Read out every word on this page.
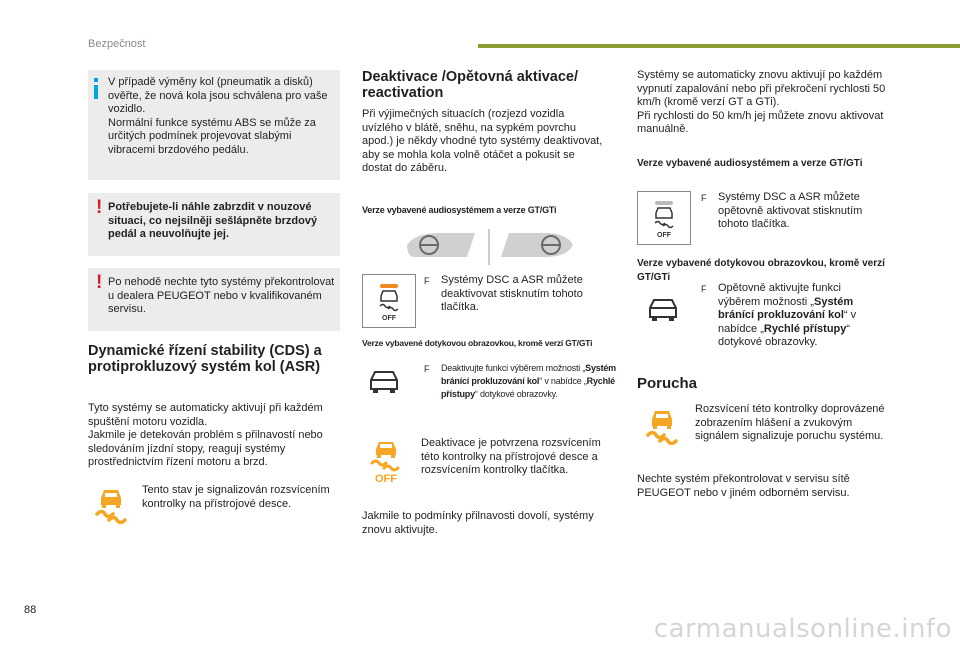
Bezpečnost
V případě výměny kol (pneumatik a disků) ověřte, že nová kola jsou schválena pro vaše vozidlo.
Normální funkce systému ABS se může za určitých podmínek projevovat slabými vibracemi brzdového pedálu.
! Potřebujete-li náhle zabrzdit v nouzové situaci, co nejsilněji sešlápněte brzdový pedál a neuvolňujte jej.
! Po nehodě nechte tyto systémy překontrolovat u dealera PEUGEOT nebo v kvalifikovaném servisu.
Dynamické řízení stability (CDS) a protiprokluzový systém kol (ASR)
Tyto systémy se automaticky aktivují při každém spuštění motoru vozidla.
Jakmile je detekován problém s přilnavostí nebo sledováním jízdní stopy, reagují systémy prostřednictvím řízení motoru a brzd.
Tento stav je signalizován rozsvícením kontrolky na přístrojové desce.
Deaktivace /Opětovná aktivace/ reactivation
Při výjimečných situacích (rozjezd vozidla uvízlého v blátě, sněhu, na sypkém povrchu apod.) je někdy vhodné tyto systémy deaktivovat, aby se mohla kola volně otáčet a pokusit se dostat do záběru.
Verze vybavené audiosystémem a verze GT/GTi
OFF
F Systémy DSC a ASR můžete deaktivovat stisknutím tohoto tlačítka.
Verze vybavené dotykovou obrazovkou, kromě verzí GT/GTi
F Deaktivujte funkci výběrem možnosti „Systém bránící prokluzování kol“ v nabídce „Rychlé přístupy“ dotykové obrazovky.
OFF
Deaktivace je potvrzena rozsvícením této kontrolky na přístrojové desce a rozsvícením kontrolky tlačítka.
Jakmile to podmínky přilnavosti dovolí, systémy znovu aktivujte.
Systémy se automaticky znovu aktivují po každém vypnutí zapalování nebo při překročení rychlosti 50 km/h (kromě verzí GT a GTi).
Při rychlosti do 50 km/h jej můžete znovu aktivovat manuálně.
Verze vybavené audiosystémem a verze GT/GTi
OFF
F Systémy DSC a ASR můžete opětovně aktivovat stisknutím tohoto tlačítka.
Verze vybavené dotykovou obrazovkou, kromě verzí GT/GTi
F Opětovně aktivujte funkci výběrem možnosti „Systém bránící prokluzování kol“ v nabídce „Rychlé přístupy“ dotykové obrazovky.
Porucha
Rozsvícení této kontrolky doprovázené zobrazením hlášení a zvukovým signálem signalizuje poruchu systému.
Nechte systém překontrolovat v servisu sítě PEUGEOT nebo v jiném odborném servisu.
88
carmanualsonline.info
